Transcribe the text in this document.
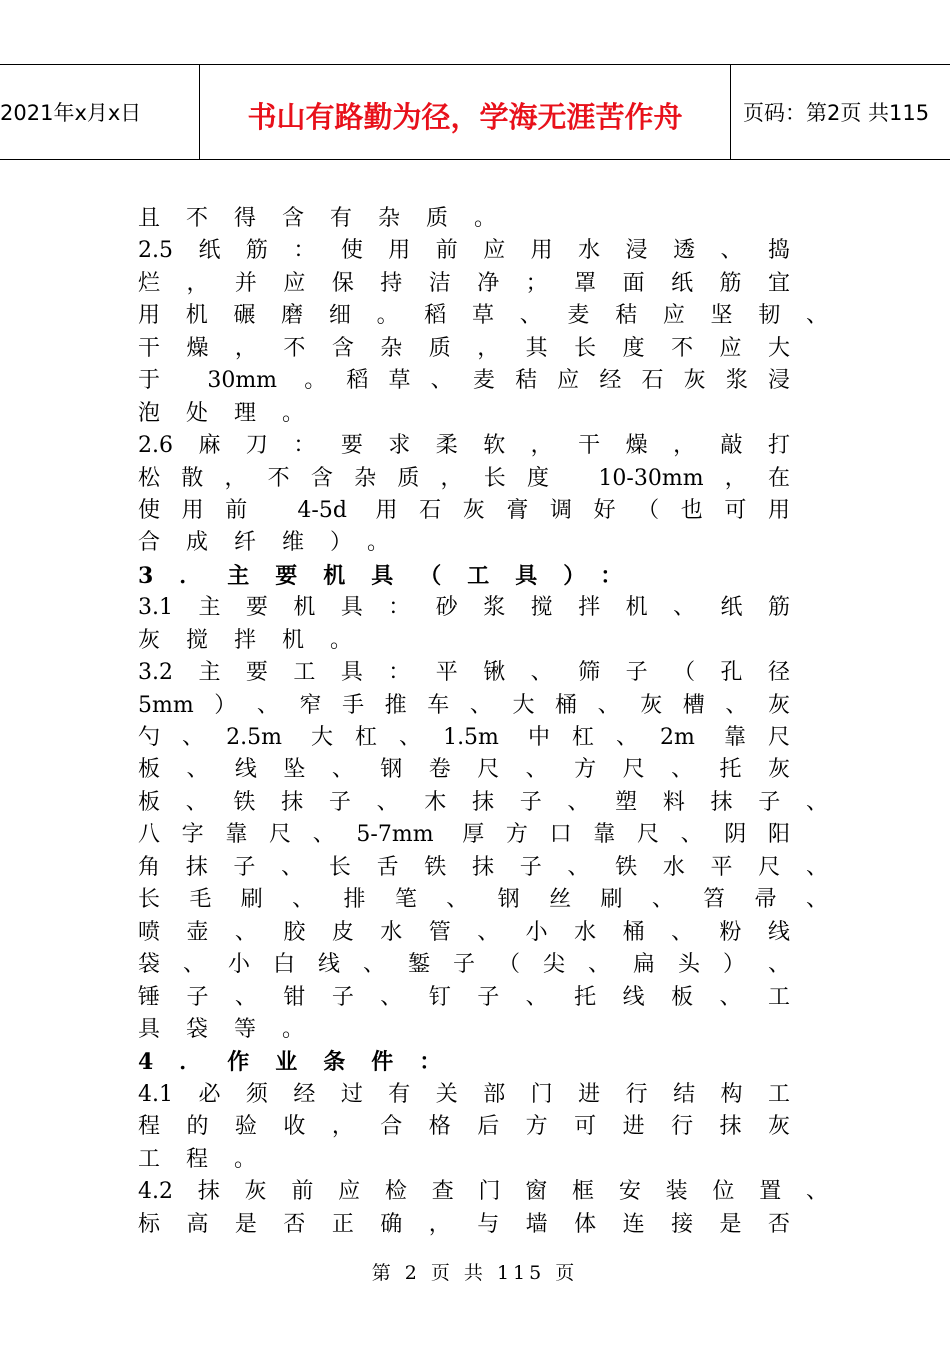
2021年x月x日	书山有路勤为径，学海无涯苦作舟	页码：第2页 共115
且不得含有杂质。
2​.​5​纸​筋​：​使​用​前​应​用​水​浸​透​、​捣
烂​，​并​应​保​持​洁​净​；​罩​面​纸​筋​宜
用​机​碾​磨​细​。​稻​草​、​麦​秸​应​坚​韧​、
干​燥​，​不​含​杂​质​，​其​长​度​不​应​大
于​ ​3​0​m​m​ ​。​稻​草​、​麦​秸​应​经​石​灰​浆​浸
泡处理。
2​.​6​麻​刀​：​要​求​柔​软​，​干​燥​，​敲​打
松​散​，​不​含​杂​质​，​长​度​ ​1​0​-​3​0​m​m​，​在
使​用​前​ ​4​-​5​d​ ​用​石​灰​膏​调​好​（​也​可​用
合成纤维）。
3．主要机具（工具）：
3​.​1​主​要​机​具​：​砂​浆​搅​拌​机​、​纸​筋
灰搅拌机。
3​.​2​主​要​工​具​：​平​锹​、​筛​子​（​孔​径
5​m​m​）​、​窄​手​推​车​、​大​桶​、​灰​槽​、​灰
勺​、​2​.​5​m​ ​大​杠​、​1​.​5​m​ ​中​杠​、​2​m​ ​靠​尺
板​、​线​坠​、​钢​卷​尺​、​方​尺​、​托​灰
板​、​铁​抹​子​、​木​抹​子​、​塑​料​抹​子​、
八​字​靠​尺​、​5​-​7​m​m​ ​厚​方​口​靠​尺​、​阴​阳
角​抹​子​、​长​舌​铁​抹​子​、​铁​水​平​尺​、
长​毛​刷​、​排​笔​、​钢​丝​刷​、​笤​帚​、
喷​壶​、​胶​皮​水​管​、​小​水​桶​、​粉​线
袋​、​小​白​线​、​錾​子​（​尖​、​扁​头​）​、
锤​子​、​钳​子​、​钉​子​、​托​线​板​、​工
具袋等。
4．作业条件：
4​.​1​必​须​经​过​有​关​部​门​进​行​结​构​工
程​的​验​收​，​合​格​后​方​可​进​行​抹​灰
工程。
4​.​2​抹​灰​前​应​检​查​门​窗​框​安​装​位​置​、
标​高​是​否​正​确​，​与​墙​体​连​接​是​否
第 2 页 共 115 页
